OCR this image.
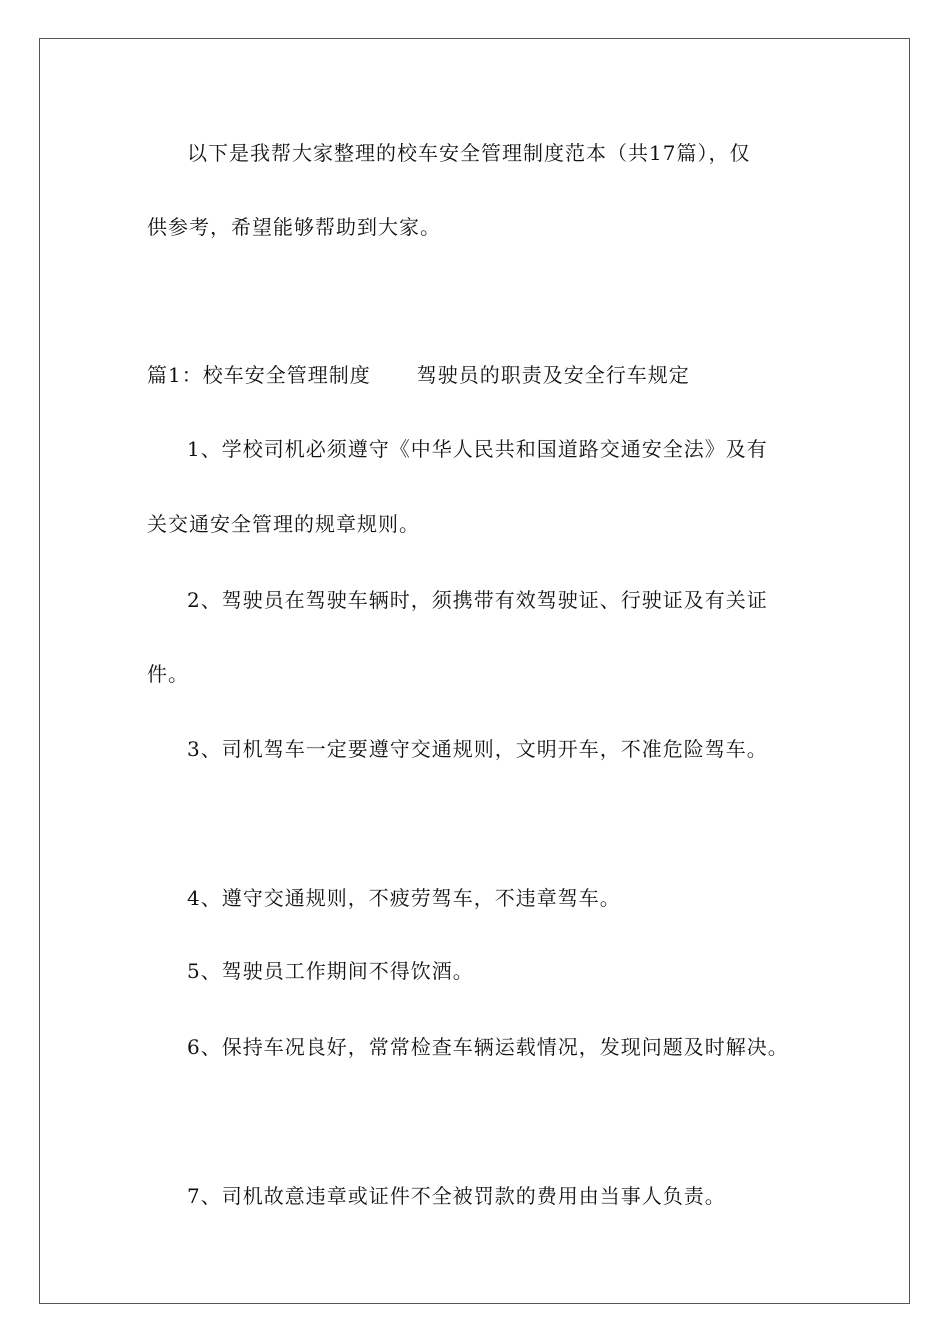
以下是我帮大家整理的校车安全管理制度范本（共17篇），仅
供参考，希望能够帮助到大家。
篇1：校车安全管理制度 驾驶员的职责及安全行车规定
1、学校司机必须遵守《中华人民共和国道路交通安全法》及有
关交通安全管理的规章规则。
2、驾驶员在驾驶车辆时，须携带有效驾驶证、行驶证及有关证
件。
3、司机驾车一定要遵守交通规则，文明开车，不准危险驾车。
4、遵守交通规则，不疲劳驾车，不违章驾车。
5、驾驶员工作期间不得饮酒。
6、保持车况良好，常常检查车辆运载情况，发现问题及时解决。
7、司机故意违章或证件不全被罚款的费用由当事人负责。
